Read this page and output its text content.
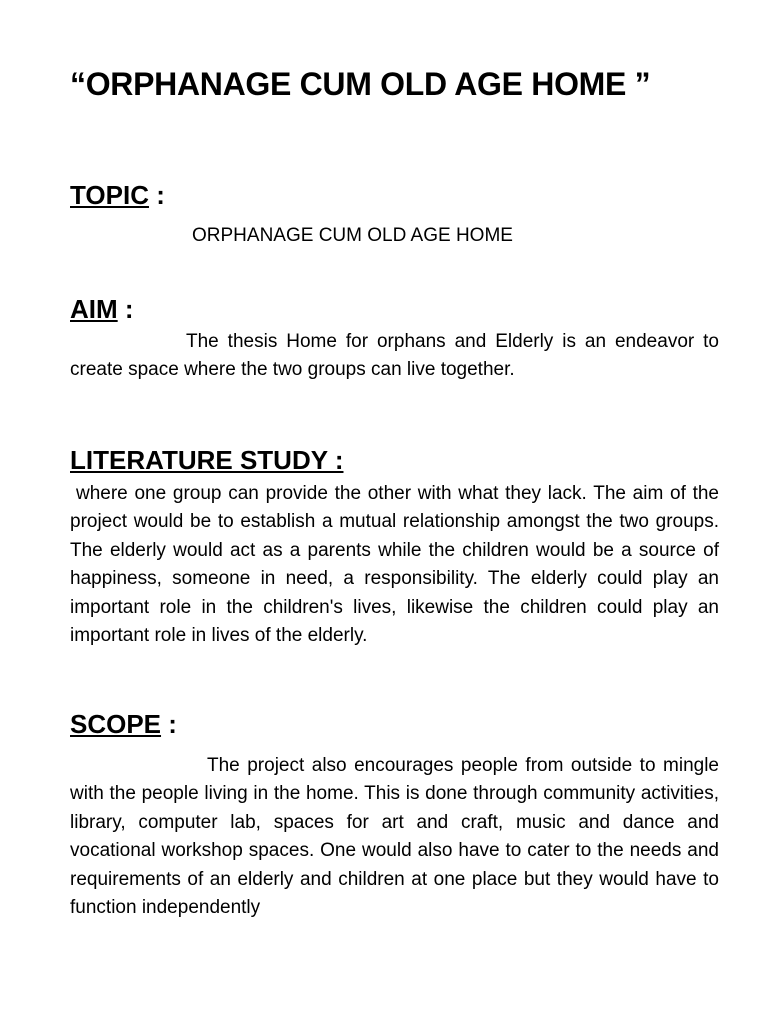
“ORPHANAGE CUM OLD AGE HOME ”
TOPIC :

ORPHANAGE CUM OLD AGE HOME

AIM :

The thesis Home for orphans and Elderly is an endeavor to create space where the two groups can live together.

LITERATURE STUDY :

where one group can provide the other with what they lack. The aim of the project would be to establish a mutual relationship amongst the two groups. The elderly would act as a parents while the children would be a source of happiness, someone in need, a responsibility. The elderly could play an important role in the children's lives, likewise the children could play an important role in lives of the elderly.

SCOPE :

The project also encourages people from outside to mingle with the people living in the home. This is done through community activities, library, computer lab, spaces for art and craft, music and dance and vocational workshop spaces. One would also have to cater to the needs and requirements of an elderly and children at one place but they would have to function independently
